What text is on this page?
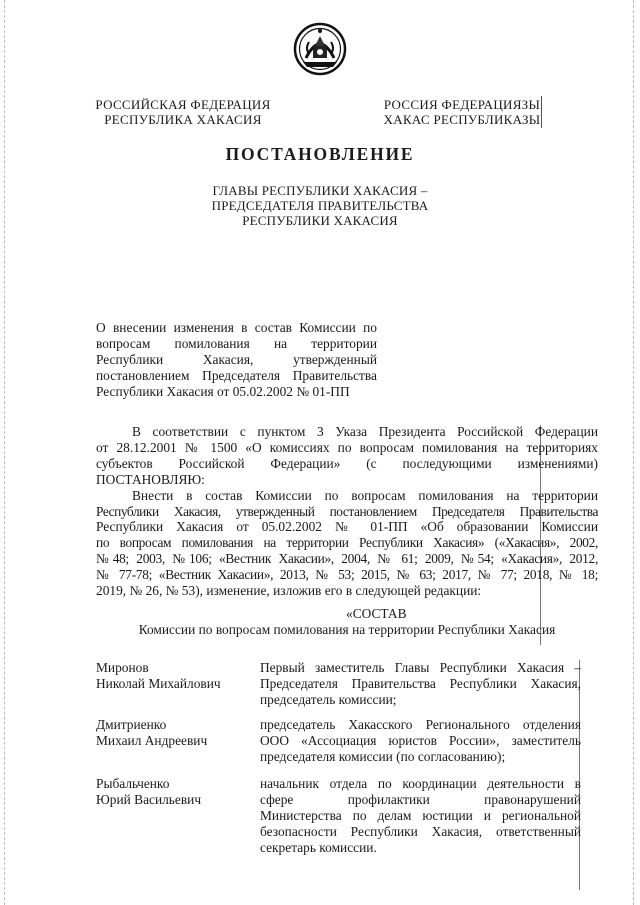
РОССИЙСКАЯ ФЕДЕРАЦИЯ
РЕСПУБЛИКА ХАКАСИЯ
РОССИЯ ФЕДЕРАЦИЯЗЫ
ХАКАС РЕСПУБЛИКАЗЫ
ПОСТАНОВЛЕНИЕ
ГЛАВЫ РЕСПУБЛИКИ ХАКАСИЯ –
ПРЕДСЕДАТЕЛЯ ПРАВИТЕЛЬСТВА
РЕСПУБЛИКИ ХАКАСИЯ
О внесении изменения в состав Комиссии по
вопросам помилования на территории
Республики Хакасия, утвержденный
постановлением Председателя Правительства
Республики Хакасия от 05.02.2002 № 01-ПП
В соответствии с пунктом 3 Указа Президента Российской Федерации
от 28.12.2001 № 1500 «О комиссиях по вопросам помилования на территориях
субъектов Российской Федерации» (с последующими изменениями)
ПОСТАНОВЛЯЮ:
Внести в состав Комиссии по вопросам помилования на территории
Республики Хакасия, утвержденный постановлением Председателя Правительства
Республики Хакасия от 05.02.2002 № 01-ПП «Об образовании Комиссии
по вопросам помилования на территории Республики Хакасия» («Хакасия», 2002,
№48; 2003, №106; «Вестник Хакасии», 2004, № 61; 2009, №54; «Хакасия», 2012,
№ 77-78; «Вестник Хакасии», 2013, № 53; 2015, № 63; 2017, № 77; 2018, № 18;
2019, № 26, № 53), изменение, изложив его в следующей редакции:
«СОСТАВ
Комиссии по вопросам помилования на территории Республики Хакасия
Миронов
Николай Михайлович
Первый заместитель Главы Республики Хакасия –
Председателя Правительства Республики Хакасия,
председатель комиссии;
Дмитриенко
Михаил Андреевич
председатель Хакасского Регионального отделения
ООО «Ассоциация юристов России», заместитель
председателя комиссии (по согласованию);
Рыбальченко
Юрий Васильевич
начальник отдела по координации деятельности в
сфере профилактики правонарушений
Министерства по делам юстиции и региональной
безопасности Республики Хакасия, ответственный
секретарь комиссии.
